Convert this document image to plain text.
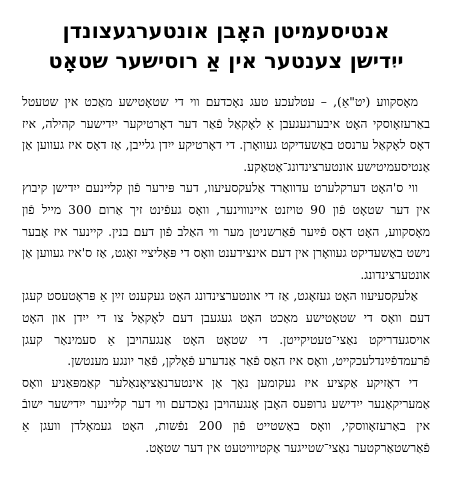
אנטיסעמיטן האָבן אונטערגעצונדן
ייִדישן צענטער אין אַ רוסישער שטאָט

מאָסקווע (יט"אַ), – עטלעכע טעג נאָכדעם ווי די שטאָטישע מאַכט אין שטעטל באַרעזאָוסקי האָט איבערגעגעבן אַ לאָקאַל פֿאַר דער דאָרטיקער ייִדישער קהילה, איז דאָס לאָקאַל ערנסט באַשעדיקט געוואָרן. די דאָרטיקע ייִדן גלייבן, אַז דאָס איז געווען אַן אַנטיסעמיטישע אונטערצינדונג־אַטאַקע.

ווי ס'האָט דערקלערט עדוואַרד אַלעקסעיעוו, דער פּירער פֿון קליינעם ייִדישן קיבוץ אין דער שטאָט פֿון 90 טויזנט איינוווינער, וואָס געפֿינט זיך אַרום 300 מייל פֿון מאָסקווע, האָט דאָס פֿײַער פֿאַרשניטן מער ווי האַלב פֿון דעם בנין. קיינער איז אָבער נישט באַשעדיקט געוואָרן אין דעם אינצידענט וואָס די פּאָליציי זאָגט, אַז ס'איז געווען אַן אונטערצינדונג.

אַלעקסעיעוו האָט געזאָגט, אַז די אונטערצינדונג האָט געקענט זײַן אַ פּראָטעסט קעגן דעם וואָס די שטאָטישע מאַכט האָט געגעבן דעם לאָקאַל צו די ייִדן און האָט אויסגעדריקט נאַצי־טעטיקייטן. די שטאָט האָט אַנגעהויבן אַ סעמינאַר קעגן פֿרעמדפֿײַנדלעכקייט, וואָס איז האַס פֿאַר אַנדערע פֿאָלקן, פֿאַר יונגע מענטשן.

די דאָזיקע אַקציע איז געקומען נאָך אַן אינטערנאַציאָנאַלער קאַמפּאַניע וואָס אַמעריקאַנער ייִדישע גרופּעס האָבן אָנגעהויבן נאָכדעם ווי דער קליינער ייִדישער ישובֿ אין באַרעזאָווסקי, וואָס באַשטייט פֿון 200 נפֿשות, האָט געמאָלדן וועגן אַ פֿאַרשטאַרקטער נאַצי־שטייגער אַקטיוויטעט אין דער שטאָט.
